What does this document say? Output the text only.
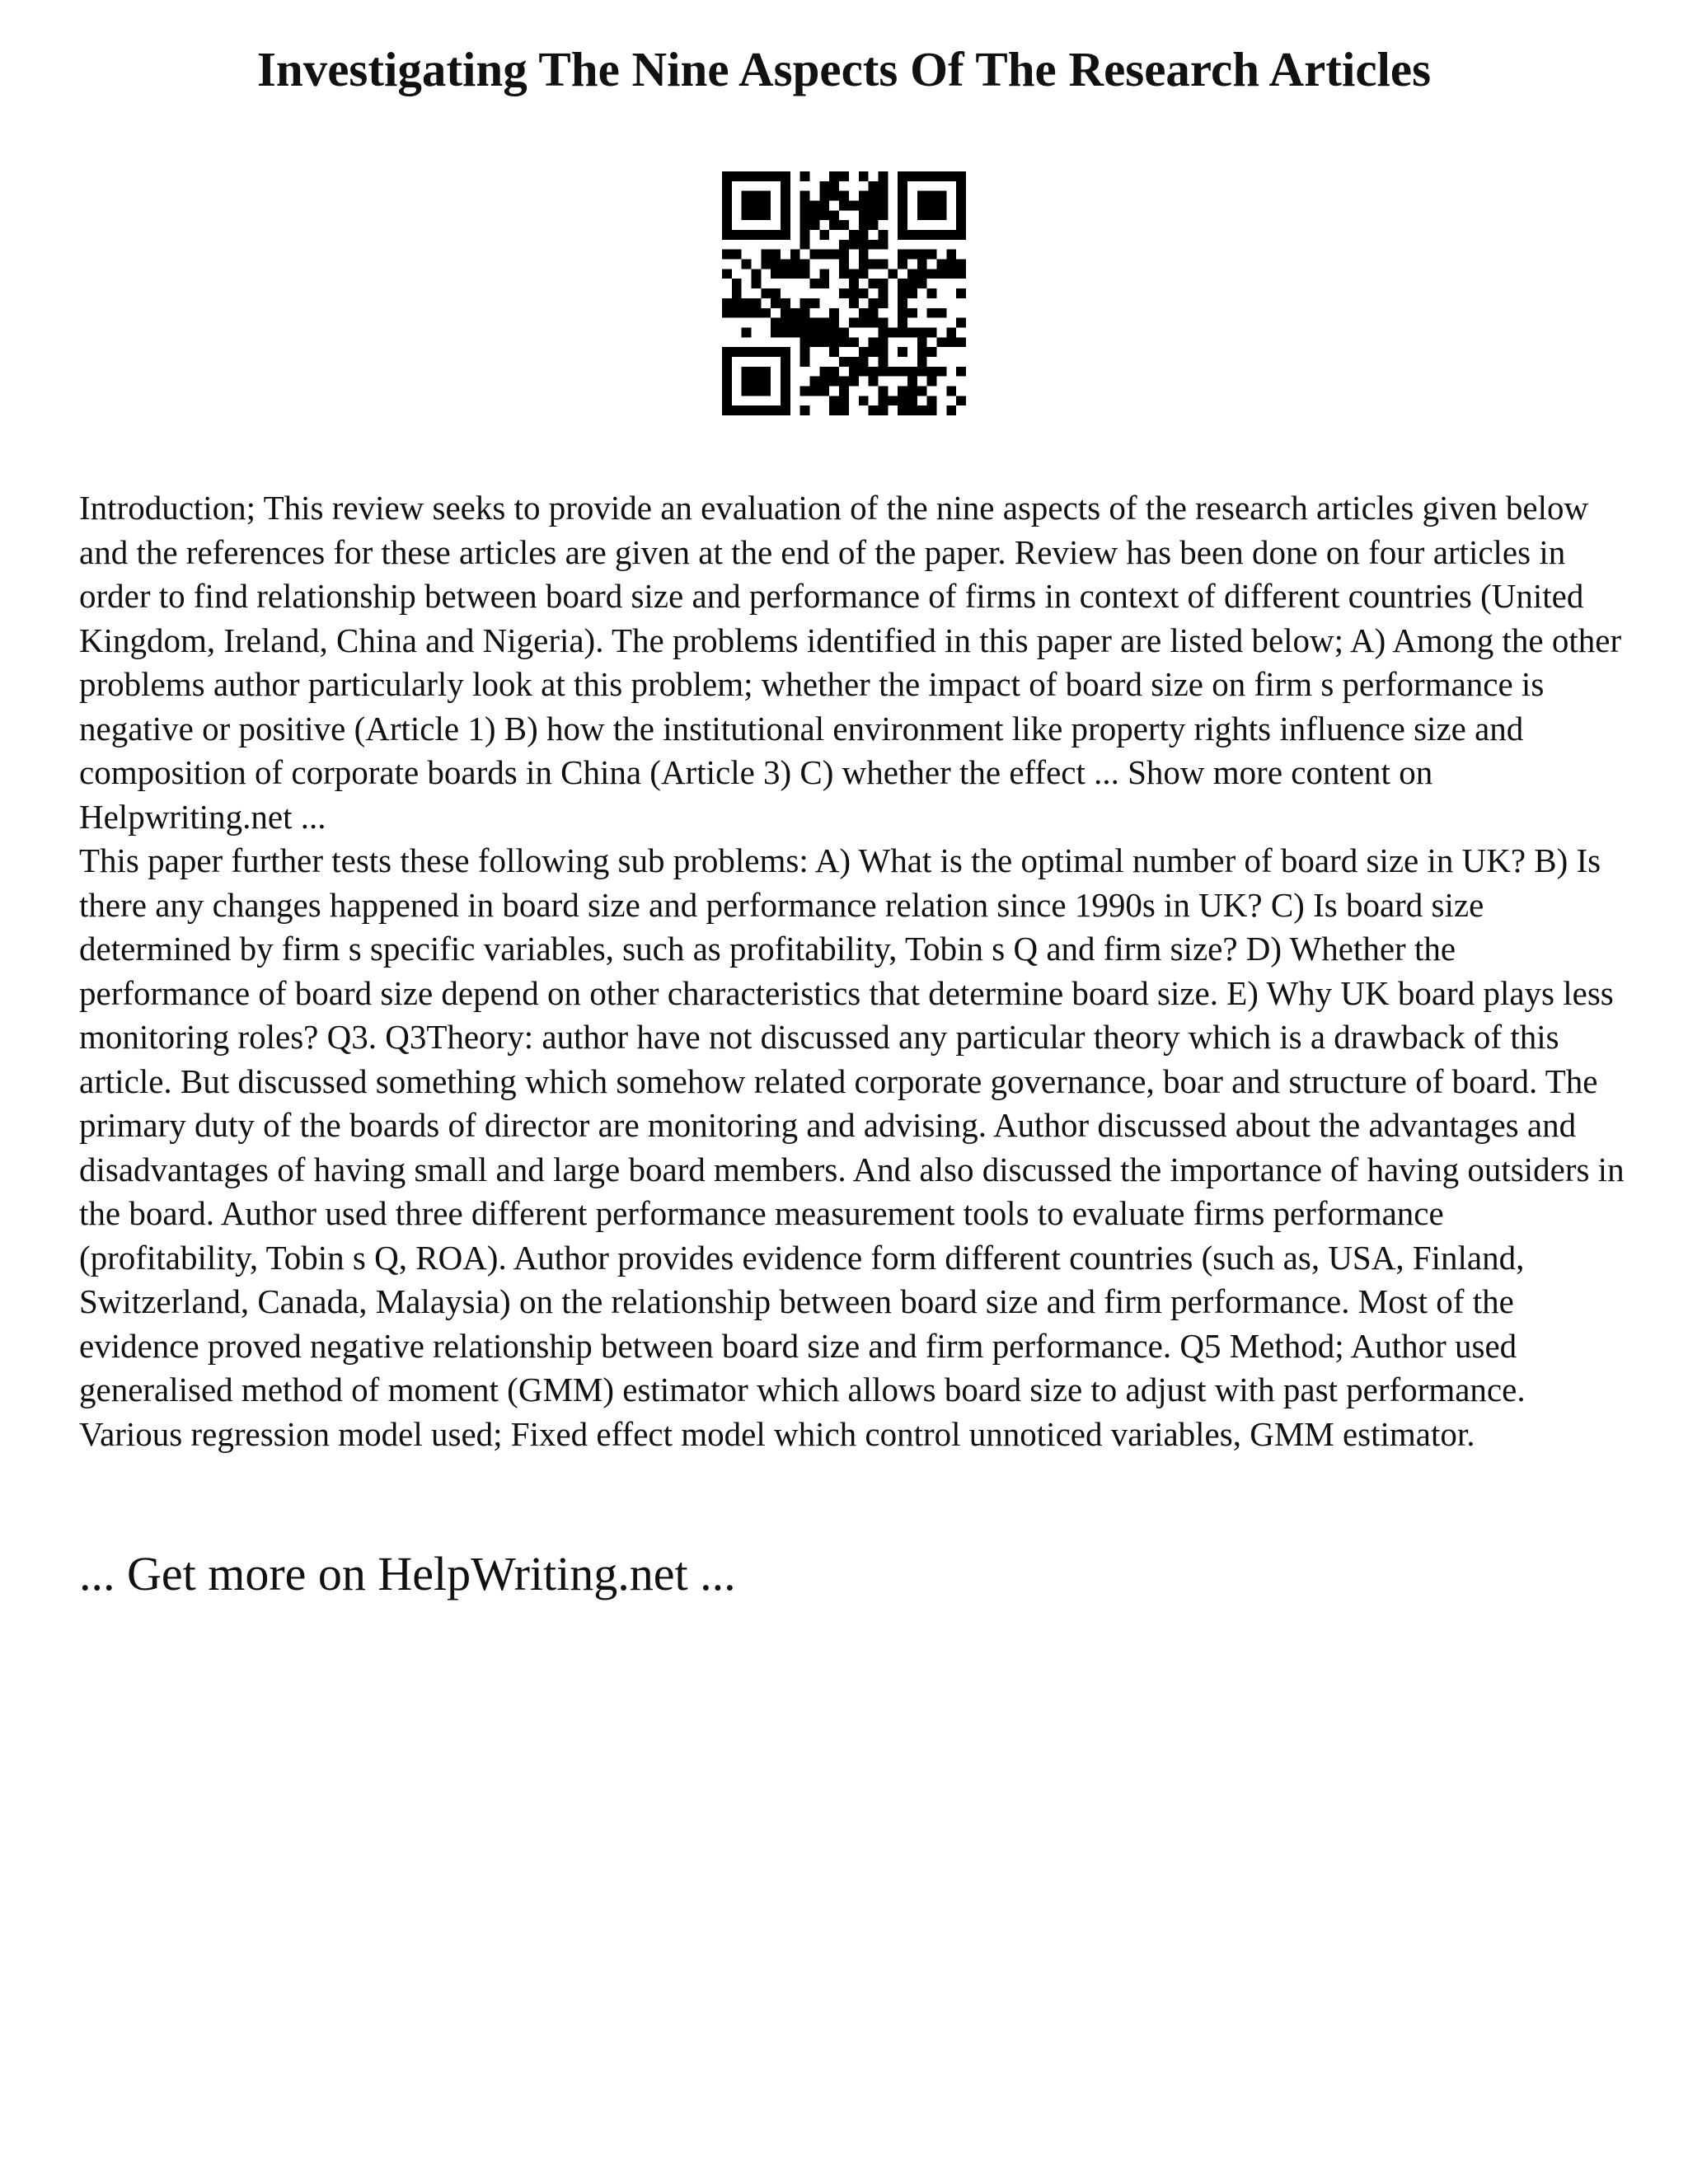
Investigating The Nine Aspects Of The Research Articles

Introduction; This review seeks to provide an evaluation of the nine aspects of the research articles given below and the references for these articles are given at the end of the paper. Review has been done on four articles in order to find relationship between board size and performance of firms in context of different countries (United Kingdom, Ireland, China and Nigeria). The problems identified in this paper are listed below; A) Among the other problems author particularly look at this problem; whether the impact of board size on firm s performance is negative or positive (Article 1) B) how the institutional environment like property rights influence size and composition of corporate boards in China (Article 3) C) whether the effect ... Show more content on Helpwriting.net ...

This paper further tests these following sub problems: A) What is the optimal number of board size in UK? B) Is there any changes happened in board size and performance relation since 1990s in UK? C) Is board size determined by firm s specific variables, such as profitability, Tobin s Q and firm size? D) Whether the performance of board size depend on other characteristics that determine board size. E) Why UK board plays less monitoring roles? Q3. Q3Theory: author have not discussed any particular theory which is a drawback of this article. But discussed something which somehow related corporate governance, boar and structure of board. The primary duty of the boards of director are monitoring and advising. Author discussed about the advantages and disadvantages of having small and large board members. And also discussed the importance of having outsiders in the board. Author used three different performance measurement tools to evaluate firms performance (profitability, Tobin s Q, ROA). Author provides evidence form different countries (such as, USA, Finland, Switzerland, Canada, Malaysia) on the relationship between board size and firm performance. Most of the evidence proved negative relationship between board size and firm performance. Q5 Method; Author used generalised method of moment (GMM) estimator which allows board size to adjust with past performance. Various regression model used; Fixed effect model which control unnoticed variables, GMM estimator.

... Get more on HelpWriting.net ...
